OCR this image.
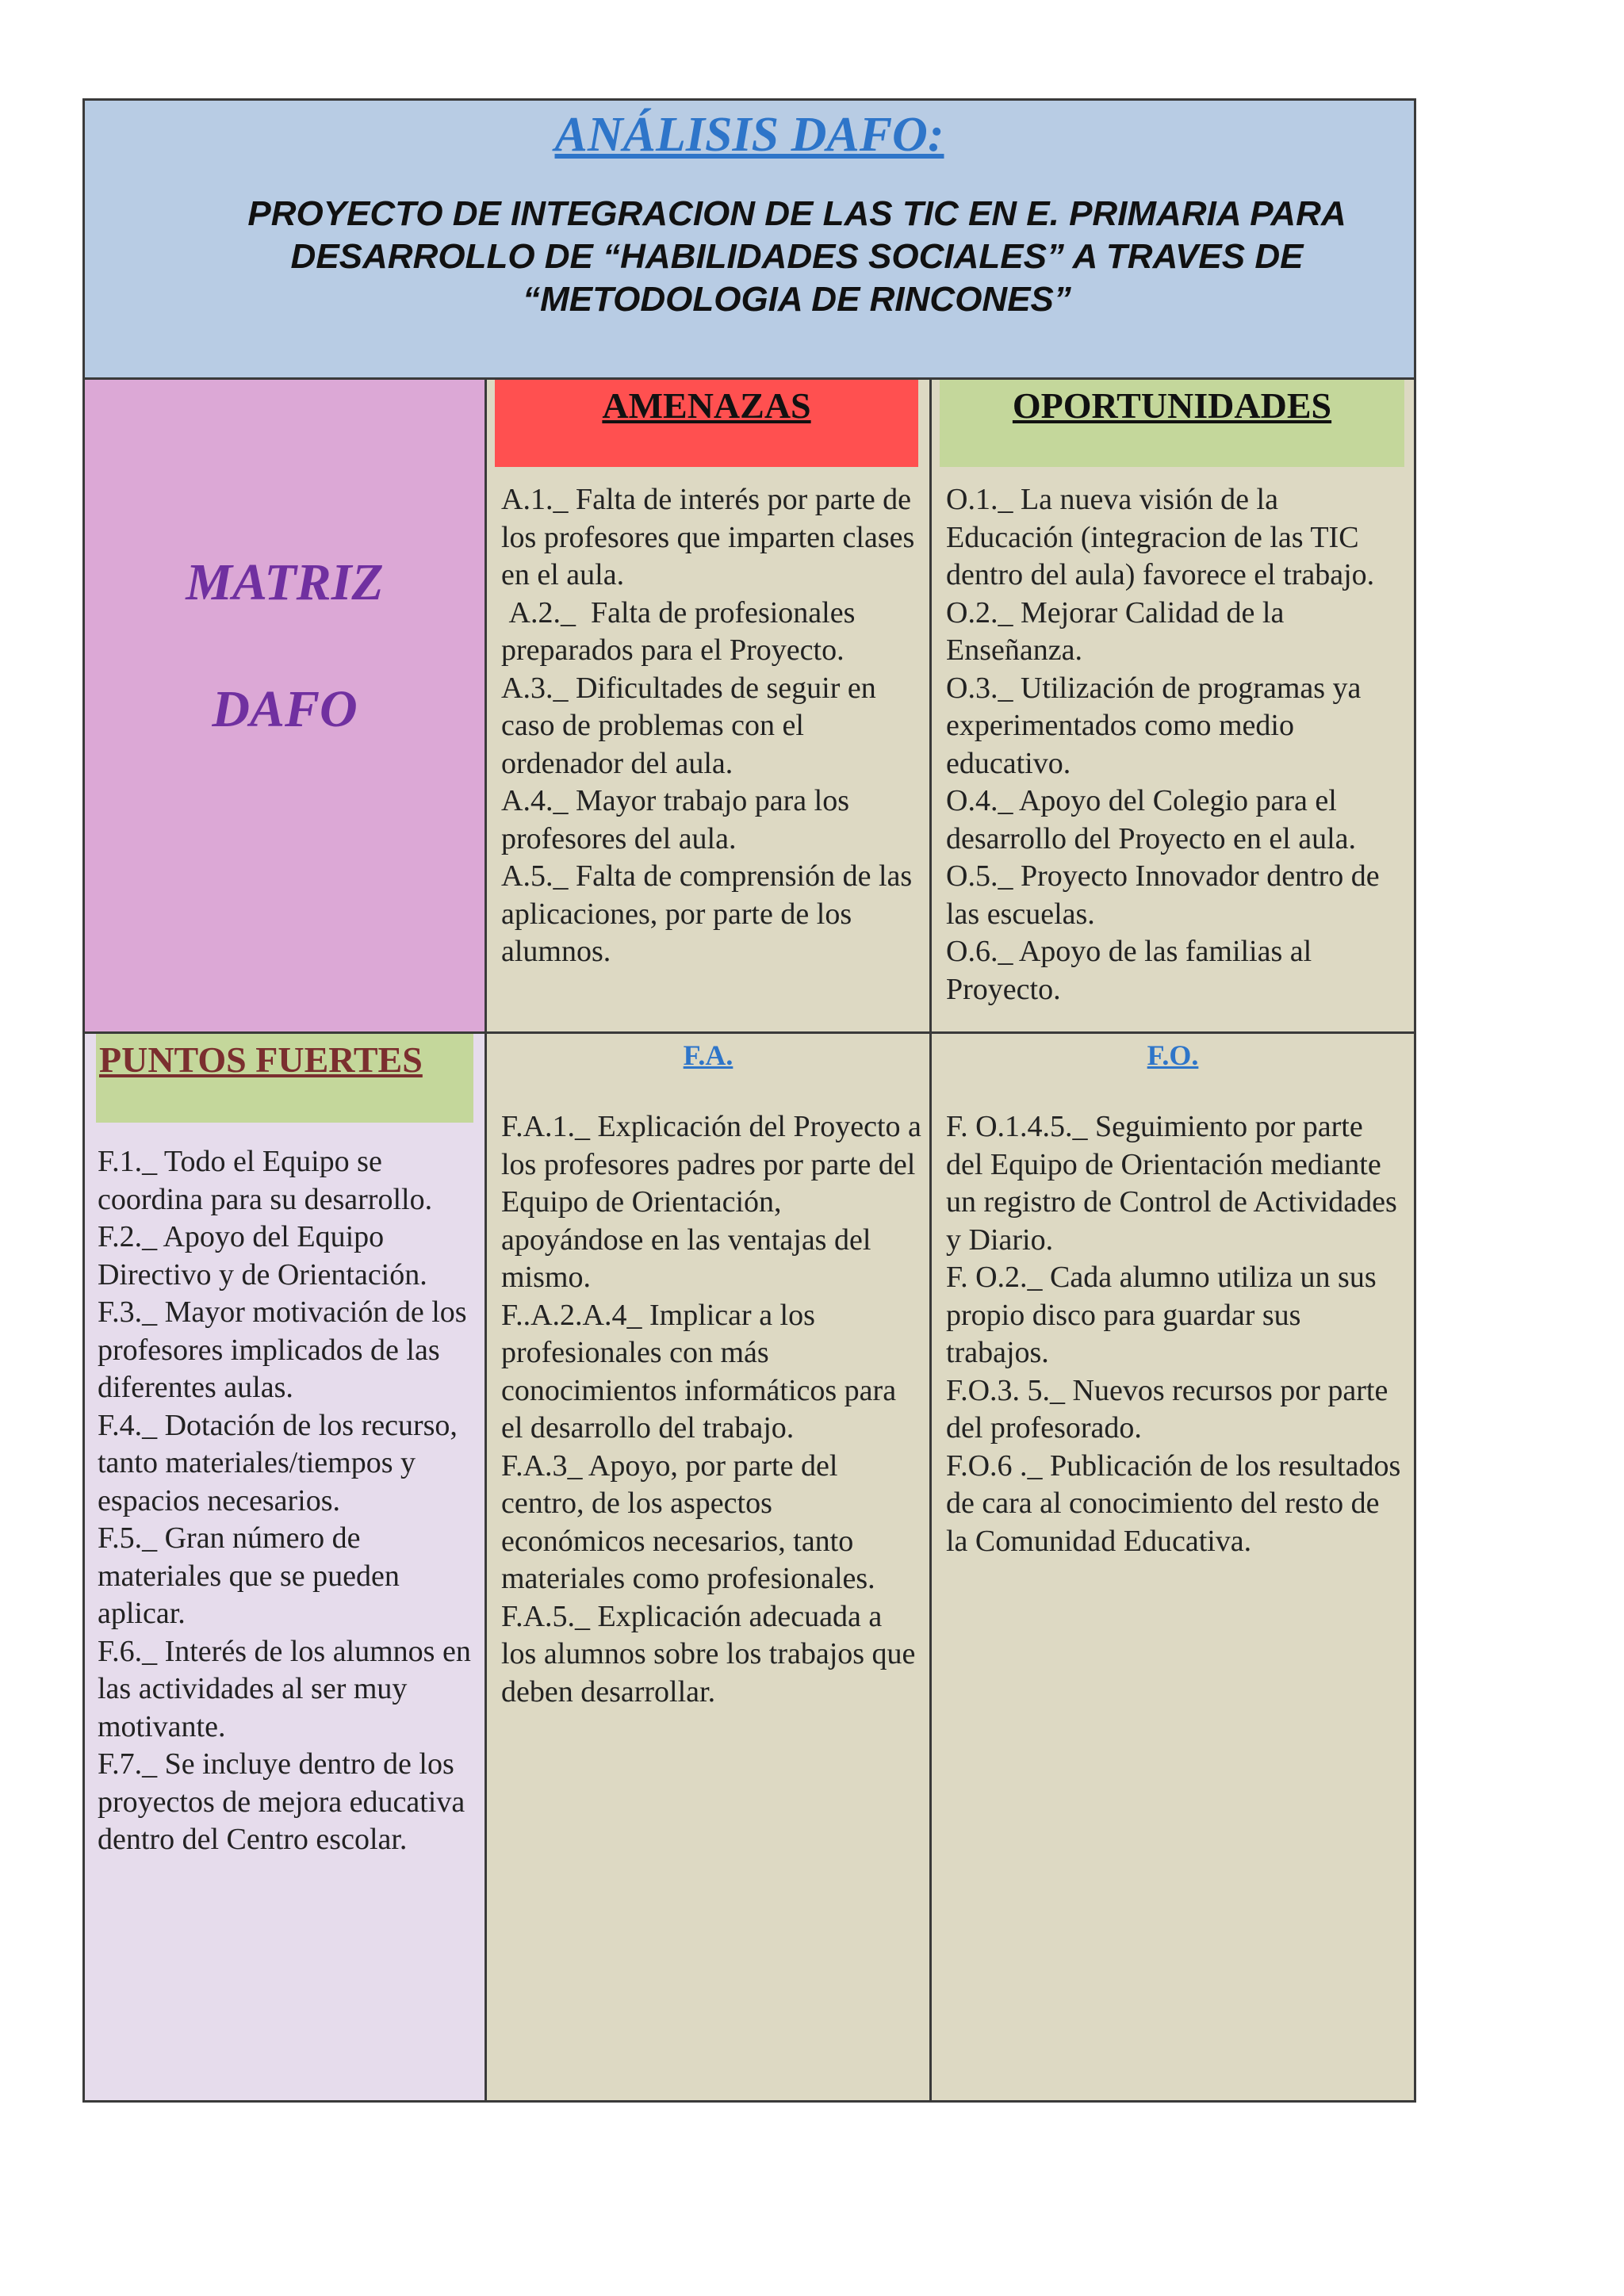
ANÁLISIS DAFO:
PROYECTO DE INTEGRACION DE LAS TIC EN E. PRIMARIA PARA DESARROLLO DE “HABILIDADES SOCIALES” A TRAVES DE “METODOLOGIA DE RINCONES”
MATRIZ
DAFO
AMENAZAS
A.1._ Falta de interés por parte de los profesores que imparten clases en el aula.
A.2._  Falta de profesionales preparados para el Proyecto.
A.3._ Dificultades de seguir en caso de problemas con el ordenador del aula.
A.4._ Mayor trabajo para los profesores del aula.
A.5._ Falta de comprensión de las aplicaciones, por parte de los alumnos.
OPORTUNIDADES
O.1._ La nueva visión de la Educación (integracion de las TIC dentro del aula) favorece el trabajo.
O.2._ Mejorar Calidad de la Enseñanza.
O.3._ Utilización de programas ya experimentados como medio educativo.
O.4._ Apoyo del Colegio para el desarrollo del Proyecto en el aula.
O.5._ Proyecto Innovador dentro de las escuelas.
O.6._ Apoyo de las familias al Proyecto.
PUNTOS FUERTES
F.1._ Todo el Equipo se coordina para su desarrollo.
F.2._ Apoyo del Equipo Directivo y de Orientación.
F.3._ Mayor motivación de los profesores implicados de las diferentes aulas.
F.4._ Dotación de los recurso, tanto materiales/tiempos y espacios necesarios.
F.5._ Gran número de materiales que se pueden aplicar.
F.6._ Interés de los alumnos en las actividades al ser muy motivante.
F.7._ Se incluye dentro de los proyectos de mejora educativa dentro del Centro escolar.
F.A.
F.A.1._ Explicación del Proyecto a los profesores padres por parte del Equipo de Orientación, apoyándose en las ventajas del mismo.
F..A.2.A.4_ Implicar a los profesionales con más conocimientos informáticos para el desarrollo del trabajo.
F.A.3_ Apoyo, por parte del centro, de los aspectos económicos necesarios, tanto materiales como profesionales.
F.A.5._ Explicación adecuada a los alumnos sobre los trabajos que deben desarrollar.
F.O.
F. O.1.4.5._ Seguimiento por parte del Equipo de Orientación mediante un registro de Control de Actividades y Diario.
F. O.2._ Cada alumno utiliza un sus propio disco para guardar sus trabajos.
F.O.3. 5._ Nuevos recursos por parte del profesorado.
F.O.6 ._ Publicación de los resultados de cara al conocimiento del resto de la Comunidad Educativa.
